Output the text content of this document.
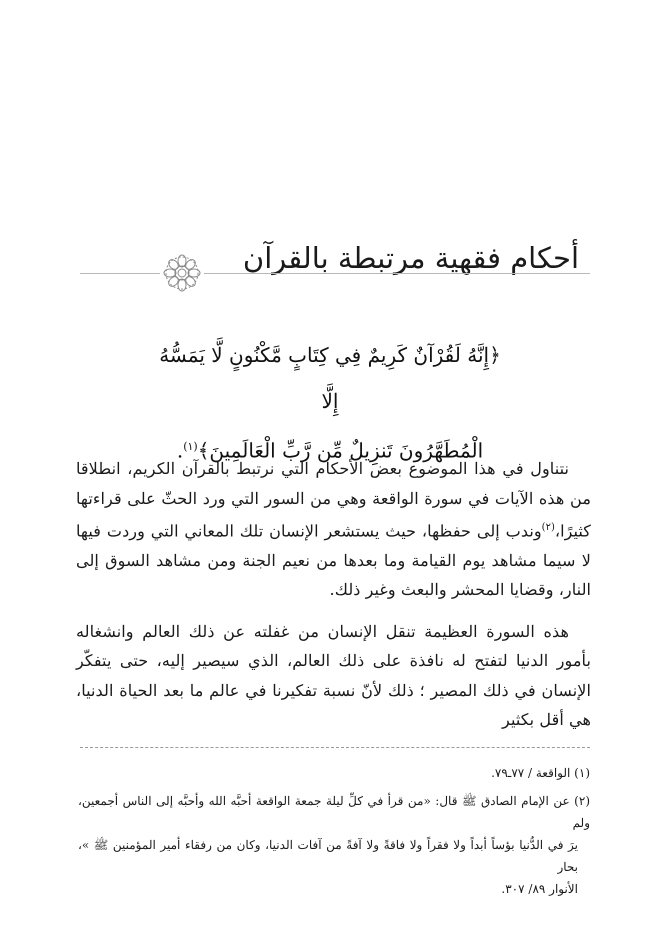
أحكام فقهية مرتبطة بالقرآن
﴿إِنَّهُ لَقُرْآنٌ كَرِيمٌ فِي كِتَابٍ مَّكْنُونٍ لَّا يَمَسُّهُ إِلَّا
الْمُطَهَّرُونَ تَنزِيلٌ مِّن رَّبِّ الْعَالَمِينَ﴾$^{(١)}$.

نتناول في هذا الموضوع بعض الأحكام التي نرتبط بالقرآن الكريم، انطلاقا من هذه الآيات في سورة الواقعة وهي من السور التي ورد الحثّ على قراءتها كثيرًا،$^{(٢)}$وندب إلى حفظها، حيث يستشعر الإنسان تلك المعاني التي وردت فيها لا سيما مشاهد يوم القيامة وما بعدها من نعيم الجنة ومن مشاهد السوق إلى النار، وقضايا المحشر والبعث وغير ذلك.

هذه السورة العظيمة تنقل الإنسان من غفلته عن ذلك العالم وانشغاله بأمور الدنيا لتفتح له نافذة على ذلك العالم، الذي سيصير إليه، حتى يتفكّر الإنسان في ذلك المصير ؛ ذلك لأنّ نسبة تفكيرنا في عالم ما بعد الحياة الدنيا، هي أقل بكثير

(١) الواقعة / ٧٧ـ٧٩.

(٢) عن الإمام الصادق ﷺ قال: «من قرأ في كلِّ ليلة جمعة الواقعة أحبَّه الله وأحبَّه إلى الناس أجمعين، ولم

يرَ في الدُّنيا بؤساً أبداً ولا فقراً ولا فاقةً ولا آفةً من آفات الدنيا، وكان من رفقاء أمير المؤمنين ﷺ »، بحار

الأنوار ٨٩/ ٣٠٧.
